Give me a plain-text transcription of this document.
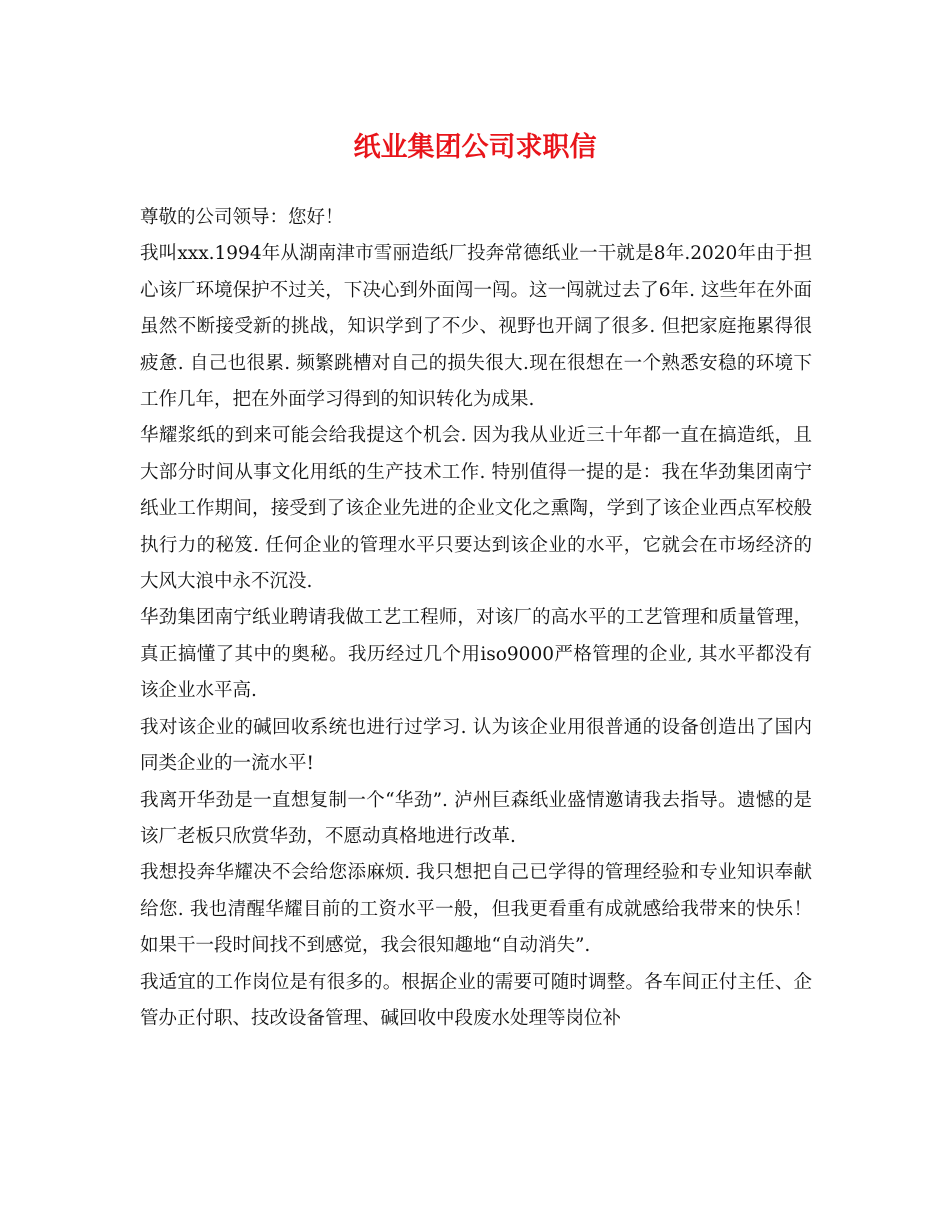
纸业集团公司求职信

尊敬的公司领导：您好！

我叫xxx.1994年从湖南津市雪丽造纸厂投奔常德纸业一干就是8年.2020年由于担心该厂环境保护不过关，下决心到外面闯一闯。这一闯就过去了6年. 这些年在外面虽然不断接受新的挑战，知识学到了不少、视野也开阔了很多. 但把家庭拖累得很疲惫. 自己也很累. 频繁跳槽对自己的损失很大.现在很想在一个熟悉安稳的环境下工作几年，把在外面学习得到的知识转化为成果.

华耀浆纸的到来可能会给我提这个机会. 因为我从业近三十年都一直在搞造纸，且大部分时间从事文化用纸的生产技术工作. 特别值得一提的是：我在华劲集团南宁纸业工作期间，接受到了该企业先进的企业文化之熏陶，学到了该企业西点军校般执行力的秘笈. 任何企业的管理水平只要达到该企业的水平，它就会在市场经济的大风大浪中永不沉没.

华劲集团南宁纸业聘请我做工艺工程师，对该厂的高水平的工艺管理和质量管理，真正搞懂了其中的奥秘。我历经过几个用iso9000严格管理的企业, 其水平都没有该企业水平高.

我对该企业的碱回收系统也进行过学习. 认为该企业用很普通的设备创造出了国内同类企业的一流水平!

我离开华劲是一直想复制一个“华劲”. 泸州巨森纸业盛情邀请我去指导。遗憾的是该厂老板只欣赏华劲，不愿动真格地进行改革.

我想投奔华耀决不会给您添麻烦. 我只想把自己已学得的管理经验和专业知识奉献给您. 我也清醒华耀目前的工资水平一般，但我更看重有成就感给我带来的快乐！如果干一段时间找不到感觉，我会很知趣地“自动消失”.

我适宜的工作岗位是有很多的。根据企业的需要可随时调整。各车间正付主任、企管办正付职、技改设备管理、碱回收中段废水处理等岗位补
